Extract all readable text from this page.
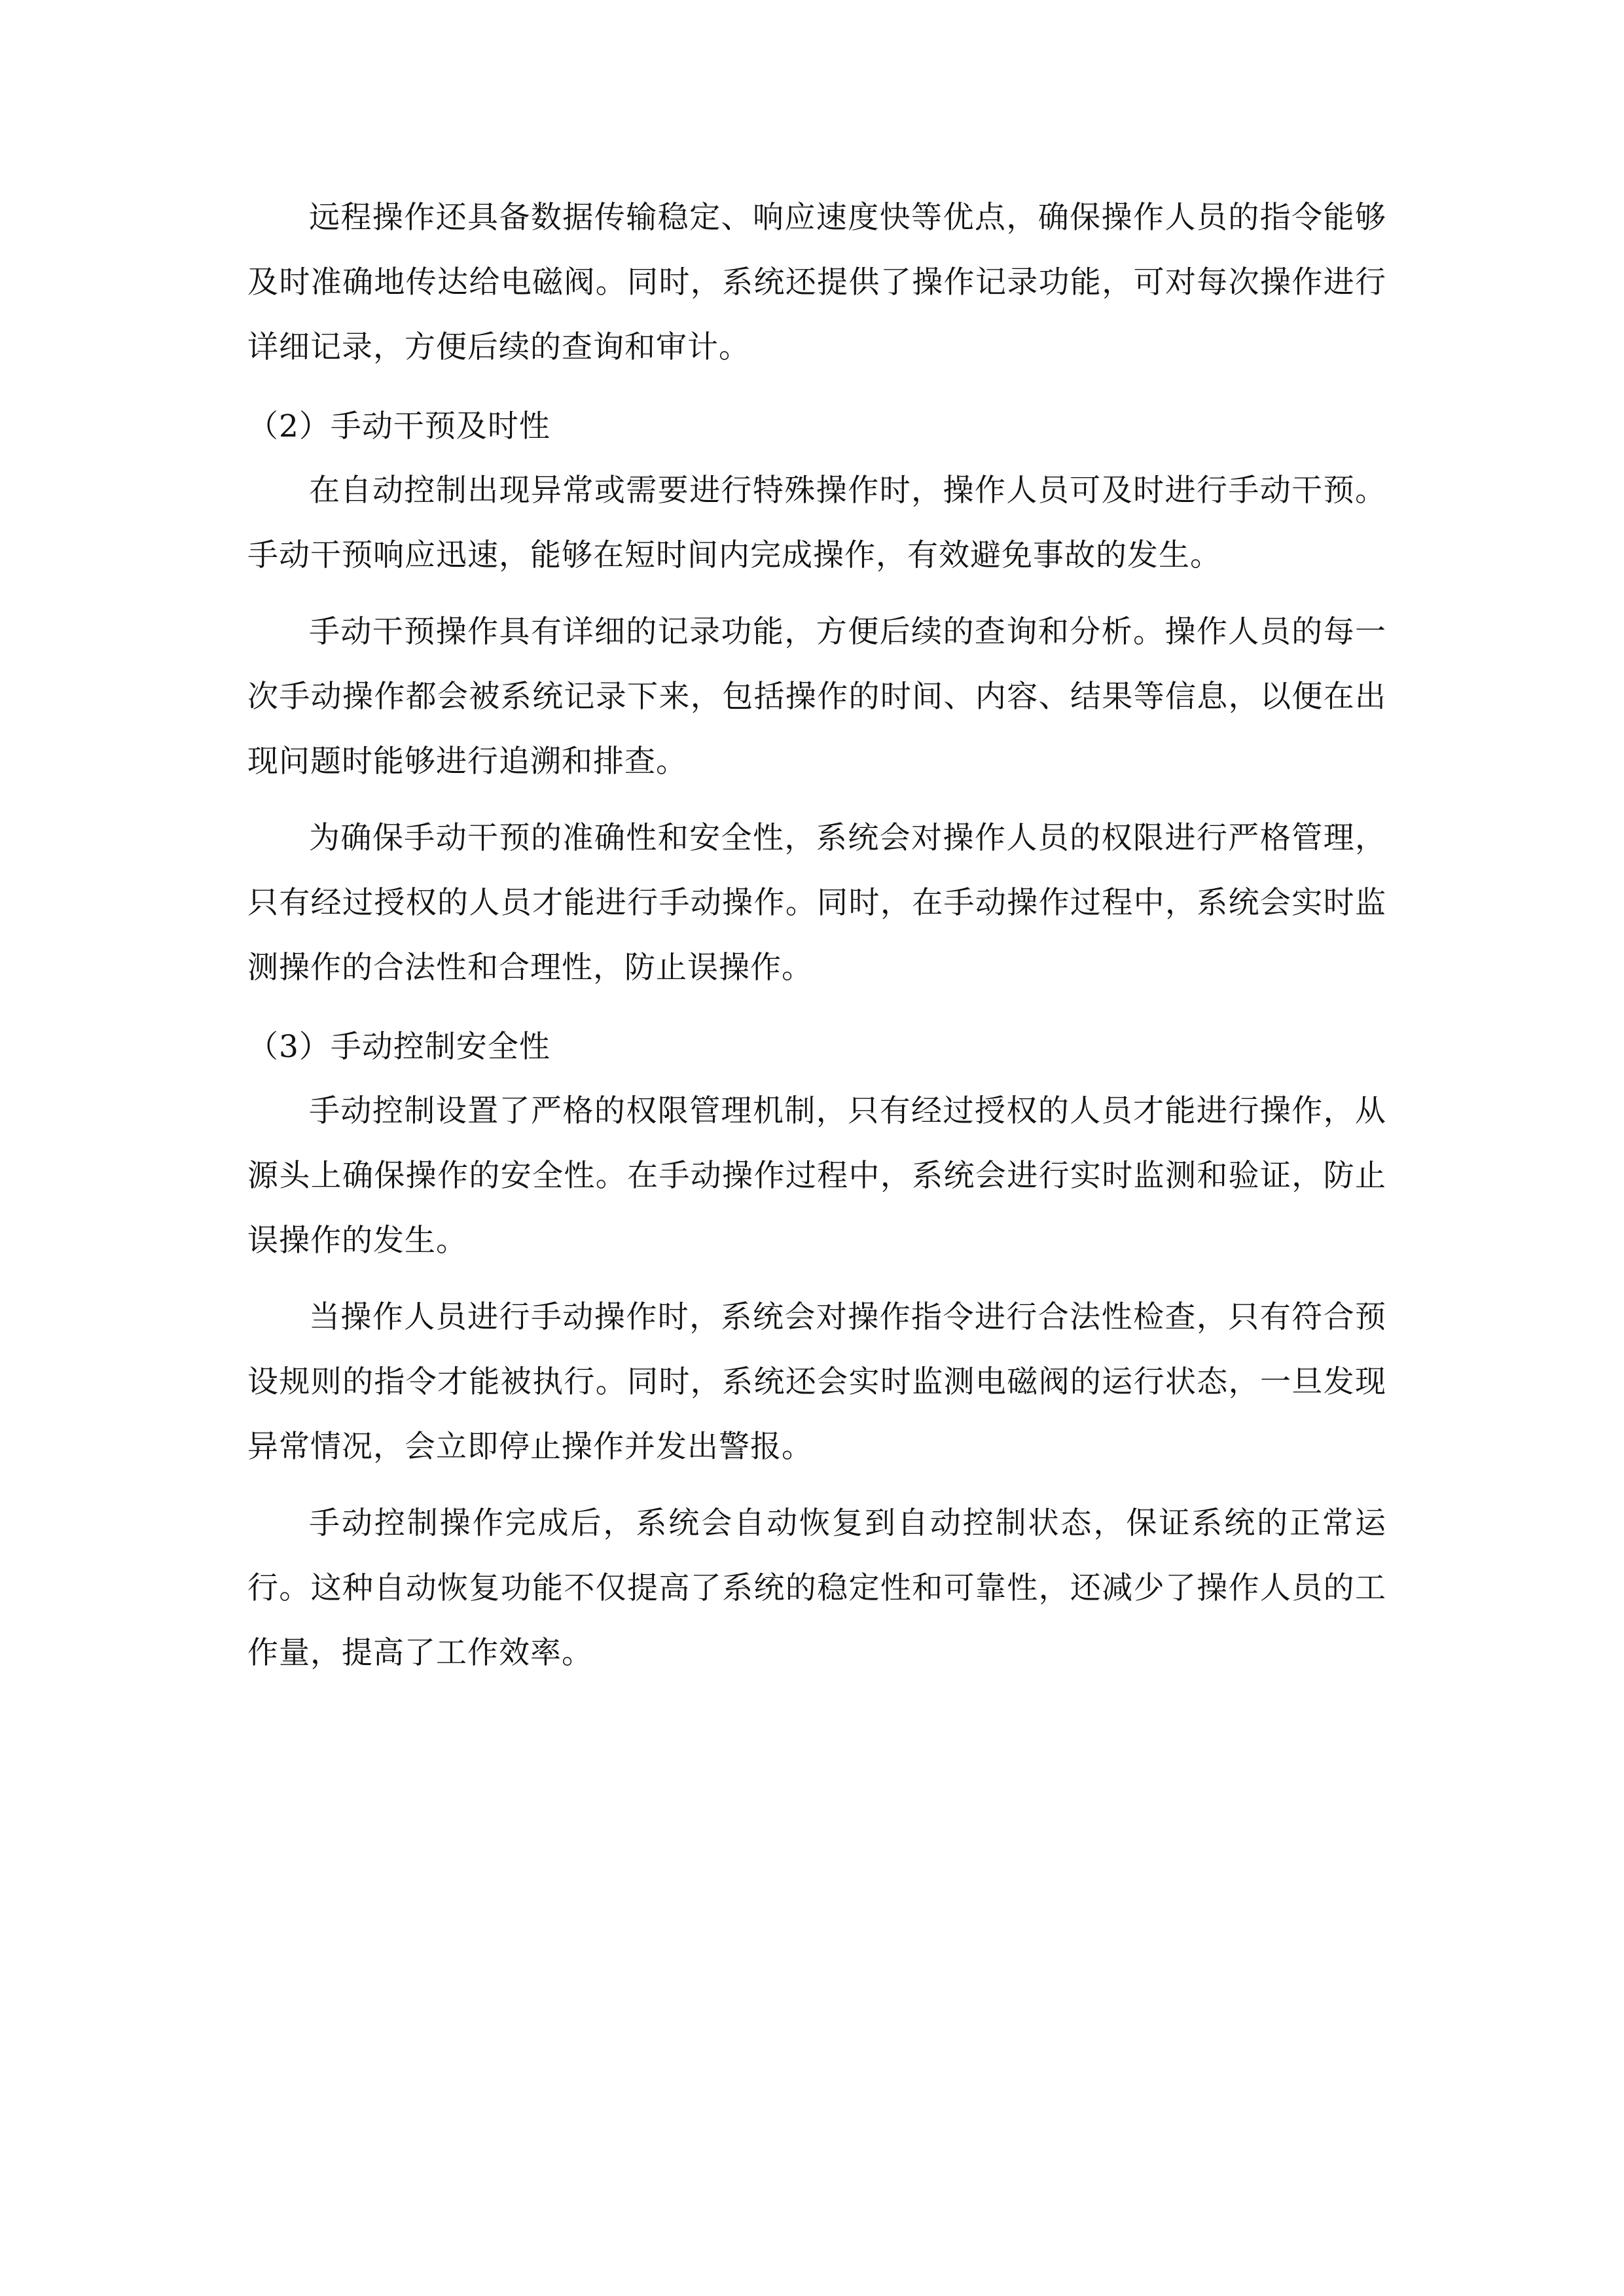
远程操作还具备数据传输稳定、响应速度快等优点，确保操作人员的指令能够及时准确地传达给电磁阀。同时，系统还提供了操作记录功能，可对每次操作进行详细记录，方便后续的查询和审计。

（2）手动干预及时性

在自动控制出现异常或需要进行特殊操作时，操作人员可及时进行手动干预。手动干预响应迅速，能够在短时间内完成操作，有效避免事故的发生。

手动干预操作具有详细的记录功能，方便后续的查询和分析。操作人员的每一次手动操作都会被系统记录下来，包括操作的时间、内容、结果等信息，以便在出现问题时能够进行追溯和排查。

为确保手动干预的准确性和安全性，系统会对操作人员的权限进行严格管理，只有经过授权的人员才能进行手动操作。同时，在手动操作过程中，系统会实时监测操作的合法性和合理性，防止误操作。

（3）手动控制安全性

手动控制设置了严格的权限管理机制，只有经过授权的人员才能进行操作，从源头上确保操作的安全性。在手动操作过程中，系统会进行实时监测和验证，防止误操作的发生。

当操作人员进行手动操作时，系统会对操作指令进行合法性检查，只有符合预设规则的指令才能被执行。同时，系统还会实时监测电磁阀的运行状态，一旦发现异常情况，会立即停止操作并发出警报。

手动控制操作完成后，系统会自动恢复到自动控制状态，保证系统的正常运行。这种自动恢复功能不仅提高了系统的稳定性和可靠性，还减少了操作人员的工作量，提高了工作效率。
